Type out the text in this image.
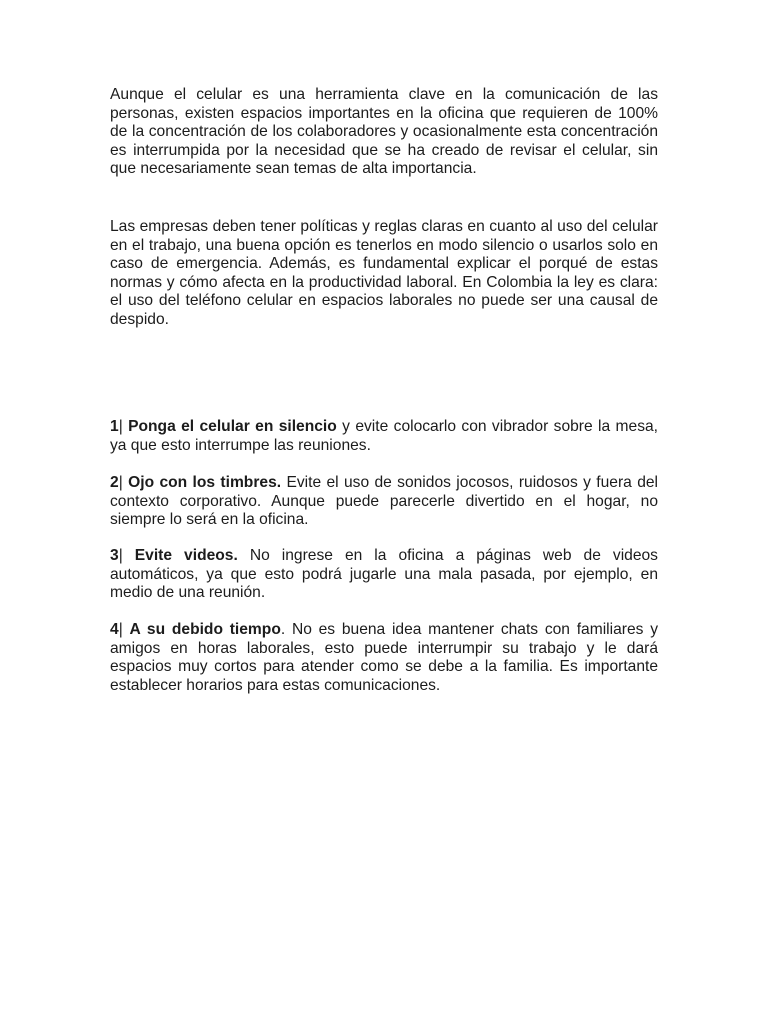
Aunque el celular es una herramienta clave en la comunicación de las personas, existen espacios importantes en la oficina que requieren de 100% de la concentración de los colaboradores y ocasionalmente esta concentración es interrumpida por la necesidad que se ha creado de revisar el celular, sin que necesariamente sean temas de alta importancia.

Las empresas deben tener políticas y reglas claras en cuanto al uso del celular en el trabajo, una buena opción es tenerlos en modo silencio o usarlos solo en caso de emergencia. Además, es fundamental explicar el porqué de estas normas y cómo afecta en la productividad laboral. En Colombia la ley es clara: el uso del teléfono celular en espacios laborales no puede ser una causal de despido.

1| Ponga el celular en silencio y evite colocarlo con vibrador sobre la mesa, ya que esto interrumpe las reuniones.

2| Ojo con los timbres. Evite el uso de sonidos jocosos, ruidosos y fuera del contexto corporativo. Aunque puede parecerle divertido en el hogar, no siempre lo será en la oficina.

3| Evite videos. No ingrese en la oficina a páginas web de videos automáticos, ya que esto podrá jugarle una mala pasada, por ejemplo, en medio de una reunión.

4| A su debido tiempo. No es buena idea mantener chats con familiares y amigos en horas laborales, esto puede interrumpir su trabajo y le dará espacios muy cortos para atender como se debe a la familia. Es importante establecer horarios para estas comunicaciones.
